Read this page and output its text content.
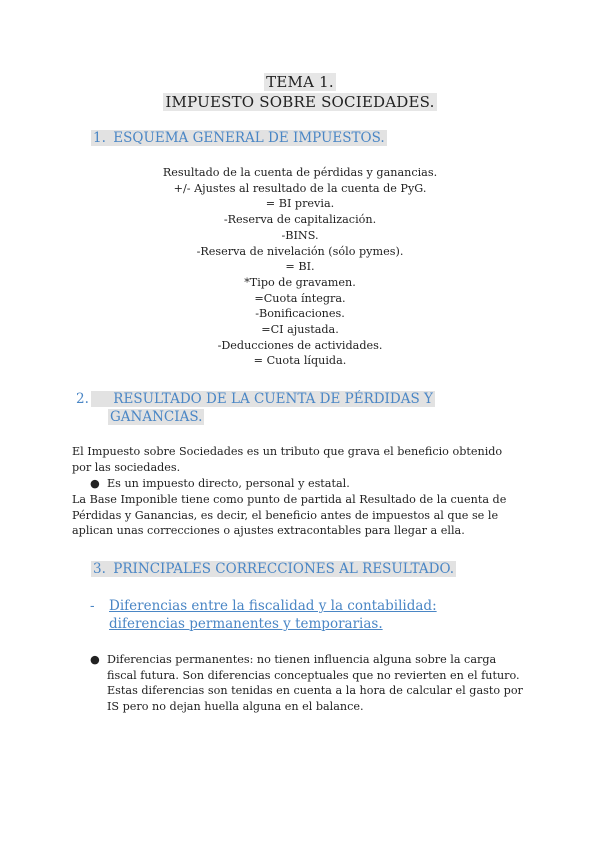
TEMA 1.
IMPUESTO SOBRE SOCIEDADES.
1. ESQUEMA GENERAL DE IMPUESTOS.
Resultado de la cuenta de pérdidas y ganancias.
+/- Ajustes al resultado de la cuenta de PyG.
= BI previa.
-Reserva de capitalización.
-BINS.
-Reserva de nivelación (sólo pymes).
= BI.
*Tipo de gravamen.
=Cuota íntegra.
-Bonificaciones.
=CI ajustada.
-Deducciones de actividades.
= Cuota líquida.
2. RESULTADO DE LA CUENTA DE PÉRDIDAS Y
GANANCIAS.
El Impuesto sobre Sociedades es un tributo que grava el beneficio obtenido por las sociedades.
● Es un impuesto directo, personal y estatal.
La Base Imponible tiene como punto de partida al Resultado de la cuenta de Pérdidas y Ganancias, es decir, el beneficio antes de impuestos al que se le aplican unas correcciones o ajustes extracontables para llegar a ella.
3. PRINCIPALES CORRECCIONES AL RESULTADO.
-	Diferencias entre la fiscalidad y la contabilidad: diferencias permanentes y temporarias.
● Diferencias permanentes: no tienen influencia alguna sobre la carga fiscal futura. Son diferencias conceptuales que no revierten en el futuro. Estas diferencias son tenidas en cuenta a la hora de calcular el gasto por IS pero no dejan huella alguna en el balance.
